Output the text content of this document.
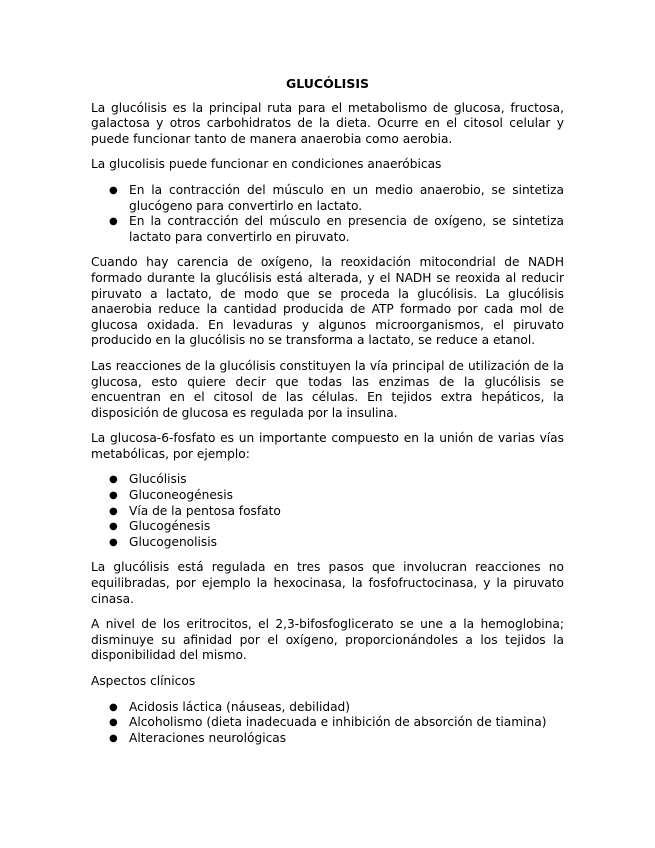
GLUCÓLISIS
La glucólisis es la principal ruta para el metabolismo de glucosa, fructosa, galactosa y otros carbohidratos de la dieta. Ocurre en el citosol celular y puede funcionar tanto de manera anaerobia como aerobia.
La glucolisis puede funcionar en condiciones anaeróbicas
● En la contracción del músculo en un medio anaerobio, se sintetiza glucógeno para convertirlo en lactato.
● En la contracción del músculo en presencia de oxígeno, se sintetiza lactato para convertirlo en piruvato.
Cuando hay carencia de oxígeno, la reoxidación mitocondrial de NADH formado durante la glucólisis está alterada, y el NADH se reoxida al reducir piruvato a lactato, de modo que se proceda la glucólisis. La glucólisis anaerobia reduce la cantidad producida de ATP formado por cada mol de glucosa oxidada. En levaduras y algunos microorganismos, el piruvato producido en la glucólisis no se transforma a lactato, se reduce a etanol.
Las reacciones de la glucólisis constituyen la vía principal de utilización de la glucosa, esto quiere decir que todas las enzimas de la glucólisis se encuentran en el citosol de las células. En tejidos extra hepáticos, la disposición de glucosa es regulada por la insulina.
La glucosa-6-fosfato es un importante compuesto en la unión de varias vías metabólicas, por ejemplo:
● Glucólisis
● Gluconeogénesis
● Vía de la pentosa fosfato
● Glucogénesis
● Glucogenolisis
La glucólisis está regulada en tres pasos que involucran reacciones no equilibradas, por ejemplo la hexocinasa, la fosfofructocinasa, y la piruvato cinasa.
A nivel de los eritrocitos, el 2,3-bifosfoglicerato se une a la hemoglobina; disminuye su afinidad por el oxígeno, proporcionándoles a los tejidos la disponibilidad del mismo.
Aspectos clínicos
● Acidosis láctica (náuseas, debilidad)
● Alcoholismo (dieta inadecuada e inhibición de absorción de tiamina)
● Alteraciones neurológicas
